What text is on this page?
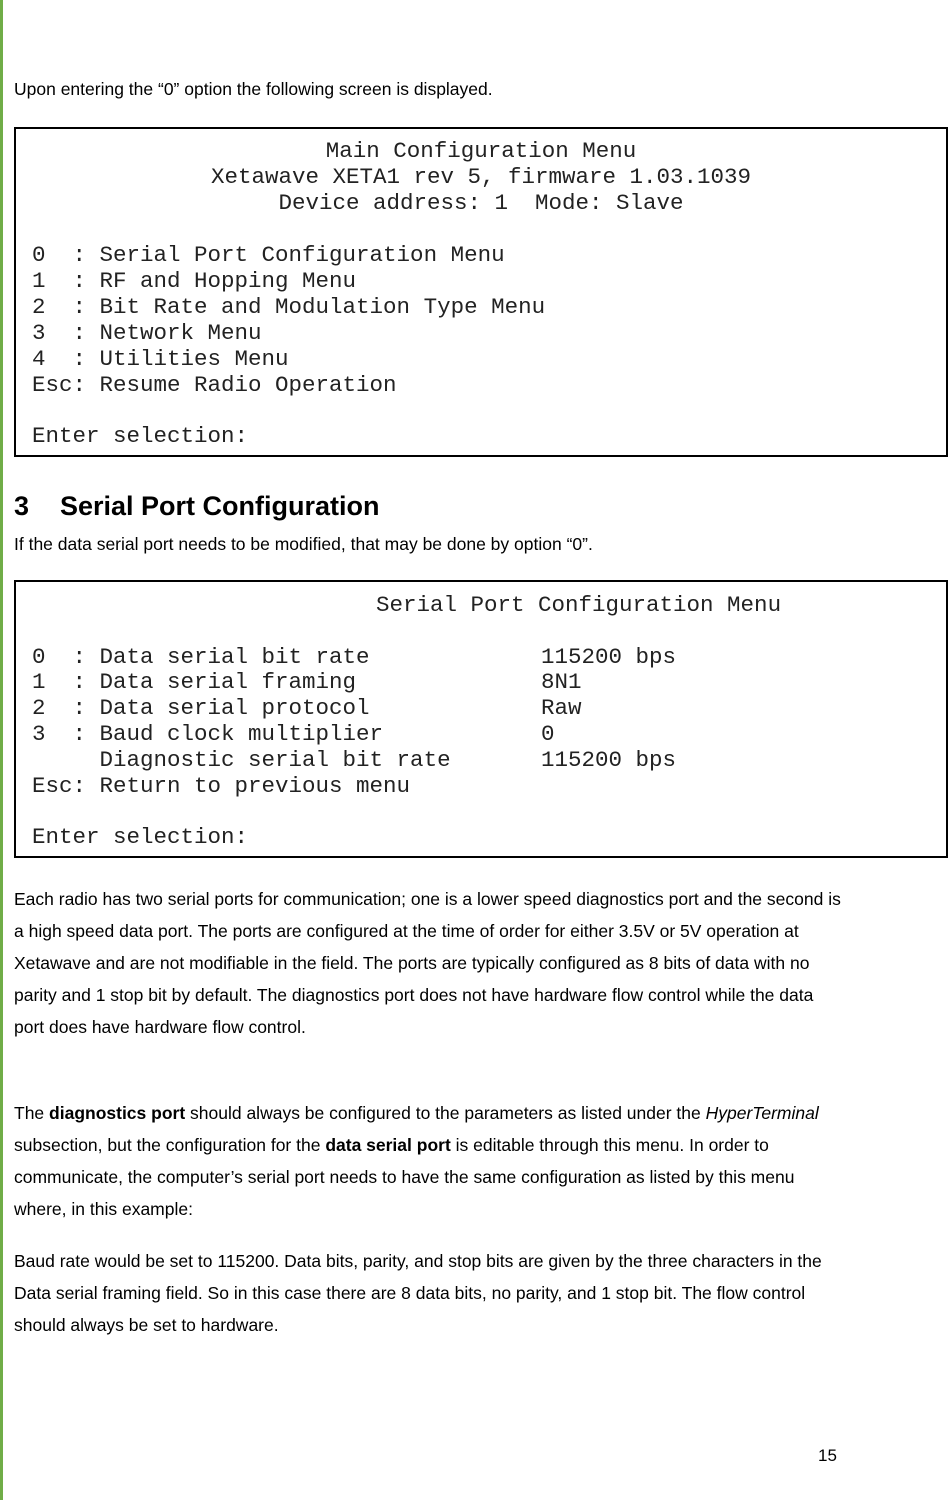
Upon entering the “0” option the following screen is displayed.
Main Configuration Menu
Xetawave XETA1 rev 5, firmware 1.03.1039
Device address: 1  Mode: Slave
0  : Serial Port Configuration Menu
1  : RF and Hopping Menu
2  : Bit Rate and Modulation Type Menu
3  : Network Menu
4  : Utilities Menu
Esc: Resume Radio Operation
Enter selection:
3 Serial Port Configuration
If the data serial port needs to be modified, that may be done by option “0”.
Serial Port Configuration Menu
0  : Data serial bit rate	115200 bps
1  : Data serial framing	8N1
2  : Data serial protocol	Raw
3  : Baud clock multiplier	0
Diagnostic serial bit rate	115200 bps
Esc: Return to previous menu
Enter selection:
Each radio has two serial ports for communication; one is a lower speed diagnostics port and the second is a high speed data port. The ports are configured at the time of order for either 3.5V or 5V operation at Xetawave and are not modifiable in the field. The ports are typically configured as 8 bits of data with no parity and 1 stop bit by default. The diagnostics port does not have hardware flow control while the data port does have hardware flow control.
The diagnostics port should always be configured to the parameters as listed under the HyperTerminal subsection, but the configuration for the data serial port is editable through this menu. In order to communicate, the computer’s serial port needs to have the same configuration as listed by this menu where, in this example:
Baud rate would be set to 115200. Data bits, parity, and stop bits are given by the three characters in the Data serial framing field. So in this case there are 8 data bits, no parity, and 1 stop bit. The flow control should always be set to hardware.
15
